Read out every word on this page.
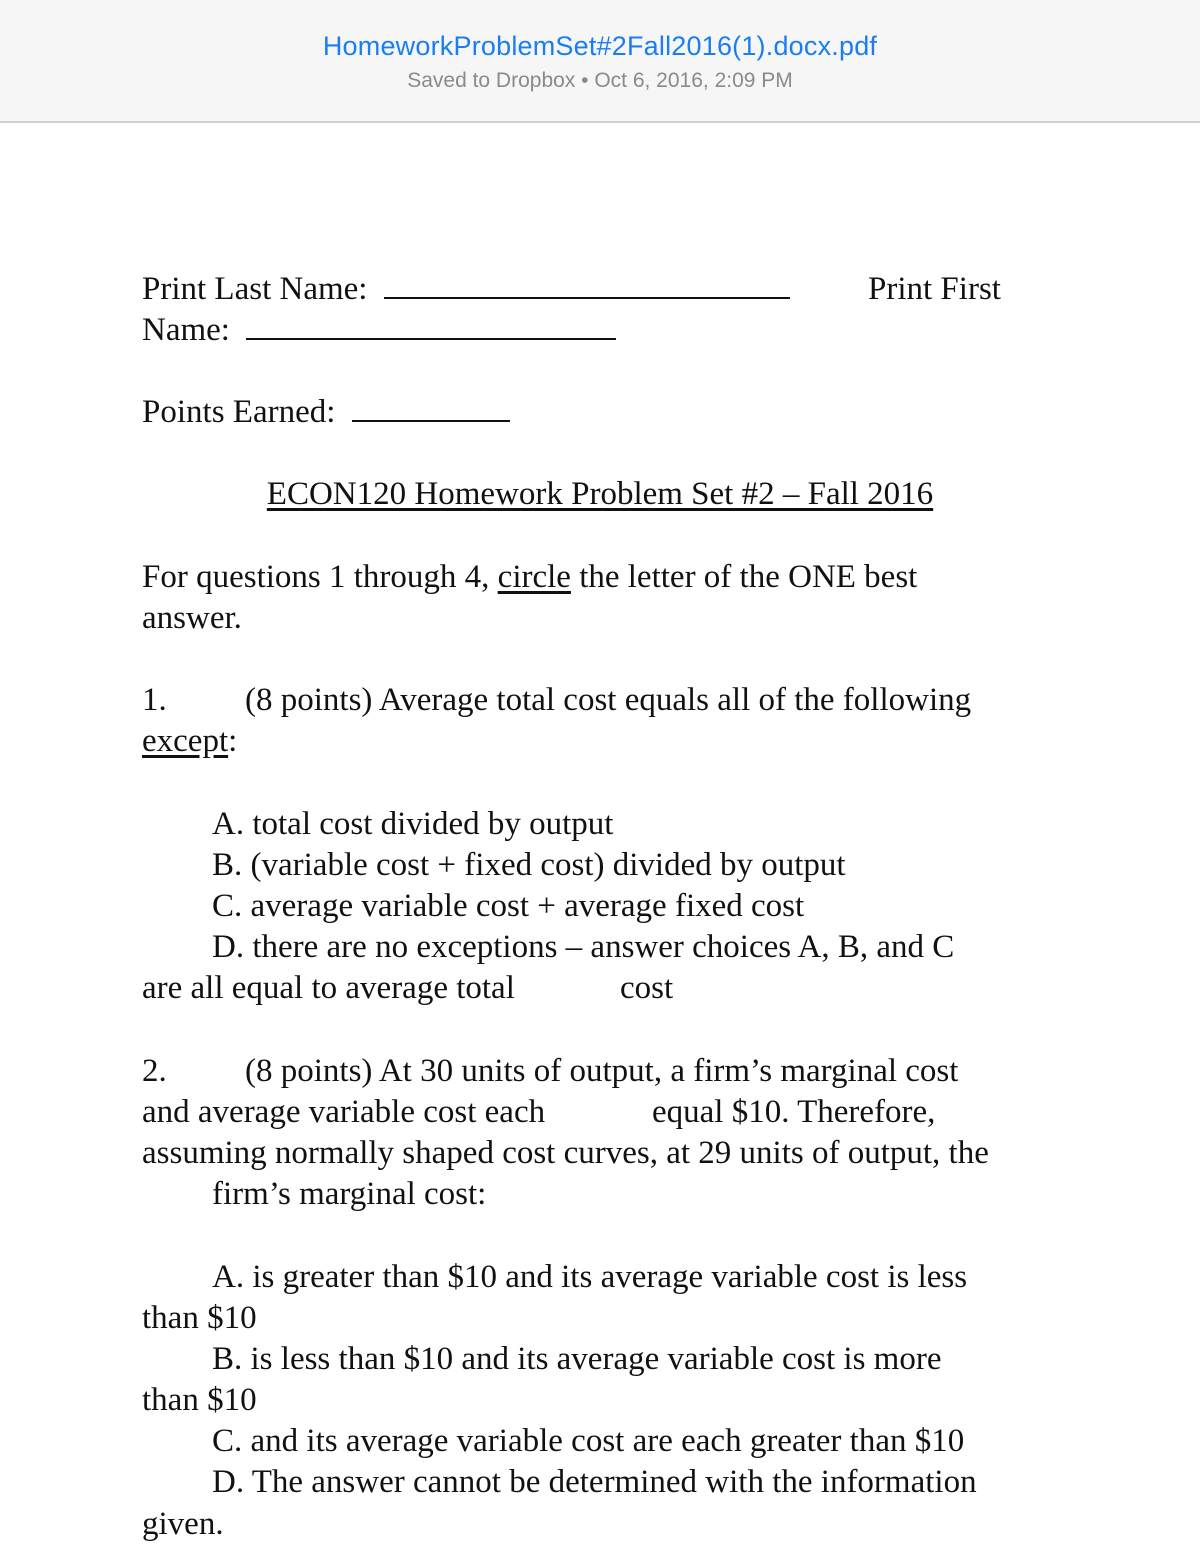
HomeworkProblemSet#2Fall2016(1).docx.pdf
Saved to Dropbox • Oct 6, 2016, 2:09 PM
Print Last Name:	Print First
Name:
Points Earned:
ECON120 Homework Problem Set #2 – Fall 2016
For questions 1 through 4, circle the letter of the ONE best
answer.
1. (8 points) Average total cost equals all of the following
except:
A. total cost divided by output
B. (variable cost + fixed cost) divided by output
C. average variable cost + average fixed cost
D. there are no exceptions – answer choices A, B, and C
are all equal to average total	cost
2. (8 points) At 30 units of output, a firm’s marginal cost
and average variable cost each	equal $10. Therefore,
assuming normally shaped cost curves, at 29 units of output, the
firm’s marginal cost:
A. is greater than $10 and its average variable cost is less
than $10
B. is less than $10 and its average variable cost is more
than $10
C. and its average variable cost are each greater than $10
D. The answer cannot be determined with the information
given.
